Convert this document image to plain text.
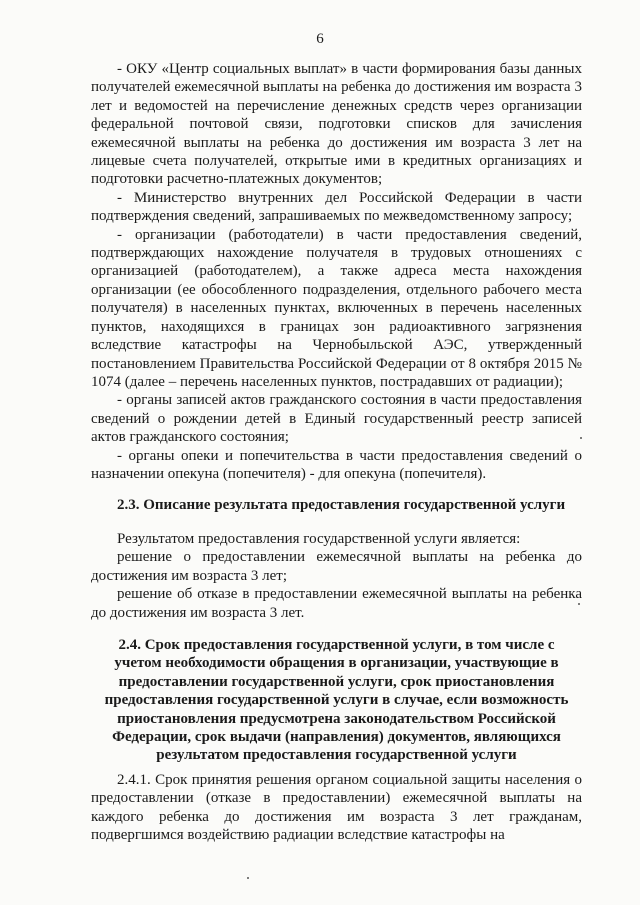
6

- ОКУ «Центр социальных выплат» в части формирования базы данных получателей ежемесячной выплаты на ребенка до достижения им возраста 3 лет и ведомостей на перечисление денежных средств через организации федеральной почтовой связи, подготовки списков для зачисления ежемесячной выплаты на ребенка до достижения им возраста 3 лет на лицевые счета получателей, открытые ими в кредитных организациях и подготовки расчетно-платежных документов;

- Министерство внутренних дел Российской Федерации в части подтверждения сведений, запрашиваемых по межведомственному запросу;

- организации (работодатели) в части предоставления сведений, подтверждающих нахождение получателя в трудовых отношениях с организацией (работодателем), а также адреса места нахождения организации (ее обособленного подразделения, отдельного рабочего места получателя) в населенных пунктах, включенных в перечень населенных пунктов, находящихся в границах зон радиоактивного загрязнения вследствие катастрофы на Чернобыльской АЭС, утвержденный постановлением Правительства Российской Федерации от 8 октября 2015 № 1074 (далее – перечень населенных пунктов, пострадавших от радиации);

- органы записей актов гражданского состояния в части предоставления сведений о рождении детей в Единый государственный реестр записей актов гражданского состояния;

- органы опеки и попечительства в части предоставления сведений о назначении опекуна (попечителя) - для опекуна (попечителя).

2.3. Описание результата предоставления государственной услуги

Результатом предоставления государственной услуги является:

решение о предоставлении ежемесячной выплаты на ребенка до достижения им возраста 3 лет;

решение об отказе в предоставлении ежемесячной выплаты на ребенка до достижения им возраста 3 лет.

2.4. Срок предоставления государственной услуги, в том числе с учетом необходимости обращения в организации, участвующие в предоставлении государственной услуги, срок приостановления предоставления государственной услуги в случае, если возможность приостановления предусмотрена законодательством Российской Федерации, срок выдачи (направления) документов, являющихся результатом предоставления государственной услуги

2.4.1. Срок принятия решения органом социальной защиты населения о предоставлении (отказе в предоставлении) ежемесячной выплаты на каждого ребенка до достижения им возраста 3 лет гражданам, подвергшимся воздействию радиации вследствие катастрофы на
